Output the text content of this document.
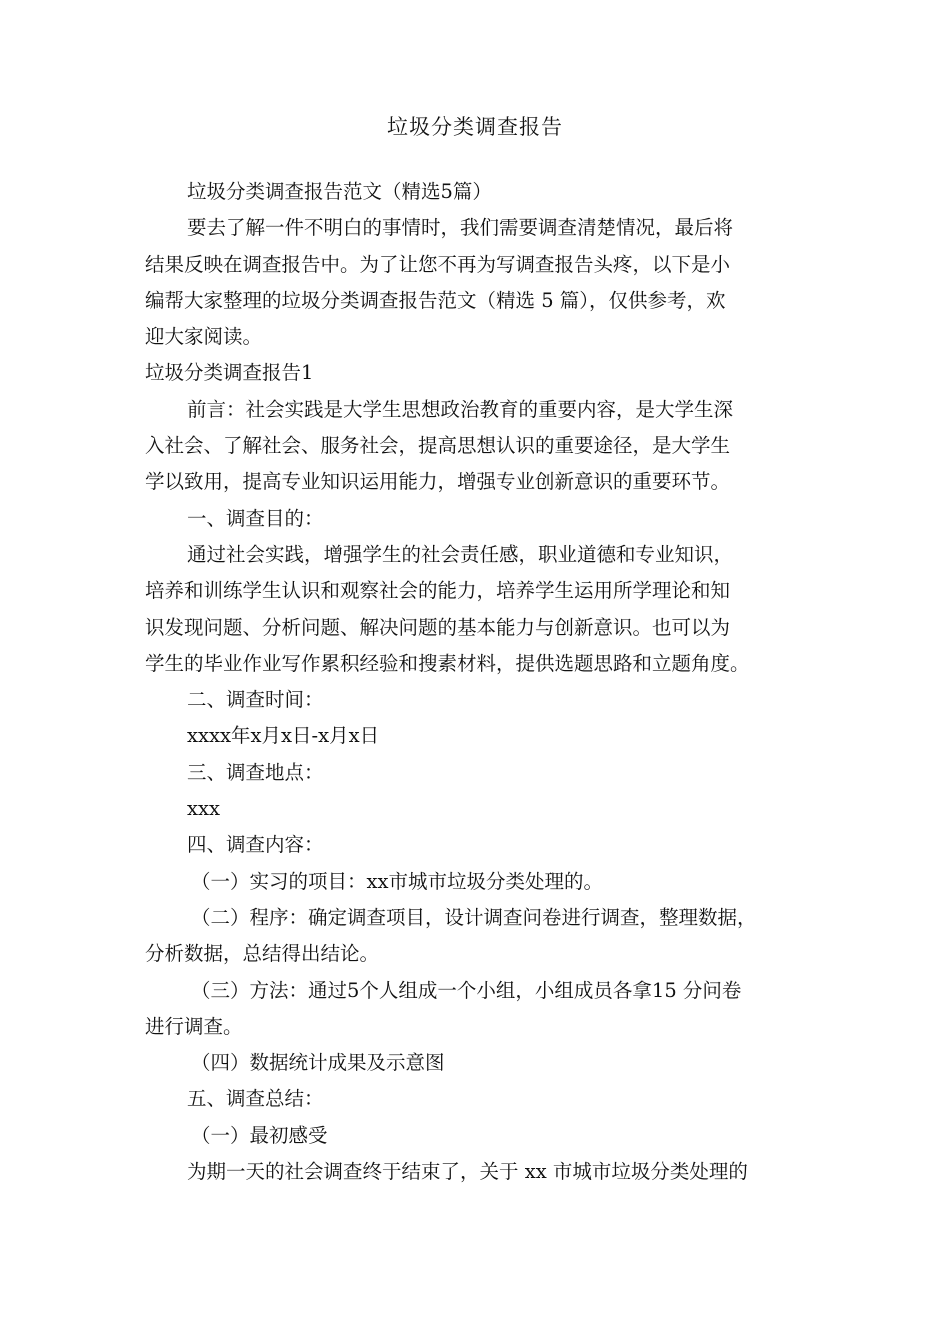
垃圾分类调查报告

垃圾分类调查报告范文（精选5篇）

要去了解一件不明白的事情时，我们需要调查清楚情况，最后将

结果反映在调查报告中。为了让您不再为写调查报告头疼，以下是小

编帮大家整理的垃圾分类调查报告范文（精选 5 篇），仅供参考，欢

迎大家阅读。

垃圾分类调查报告1

前言：社会实践是大学生思想政治教育的重要内容，是大学生深

入社会、了解社会、服务社会，提高思想认识的重要途径，是大学生

学以致用，提高专业知识运用能力，增强专业创新意识的重要环节。

一、调查目的：

通过社会实践，增强学生的社会责任感，职业道德和专业知识，

培养和训练学生认识和观察社会的能力，培养学生运用所学理论和知

识发现问题、分析问题、解决问题的基本能力与创新意识。也可以为

学生的毕业作业写作累积经验和搜素材料，提供选题思路和立题角度。

二、调查时间：

xxxx年x月x日-x月x日

三、调查地点：

xxx

四、调查内容：

（一）实习的项目：xx市城市垃圾分类处理的。

（二）程序：确定调查项目，设计调查问卷进行调查，整理数据，

分析数据，总结得出结论。

（三）方法：通过5个人组成一个小组，小组成员各拿15 分问卷

进行调查。

（四）数据统计成果及示意图

五、调查总结：

（一）最初感受

为期一天的社会调查终于结束了，关于 xx 市城市垃圾分类处理的
